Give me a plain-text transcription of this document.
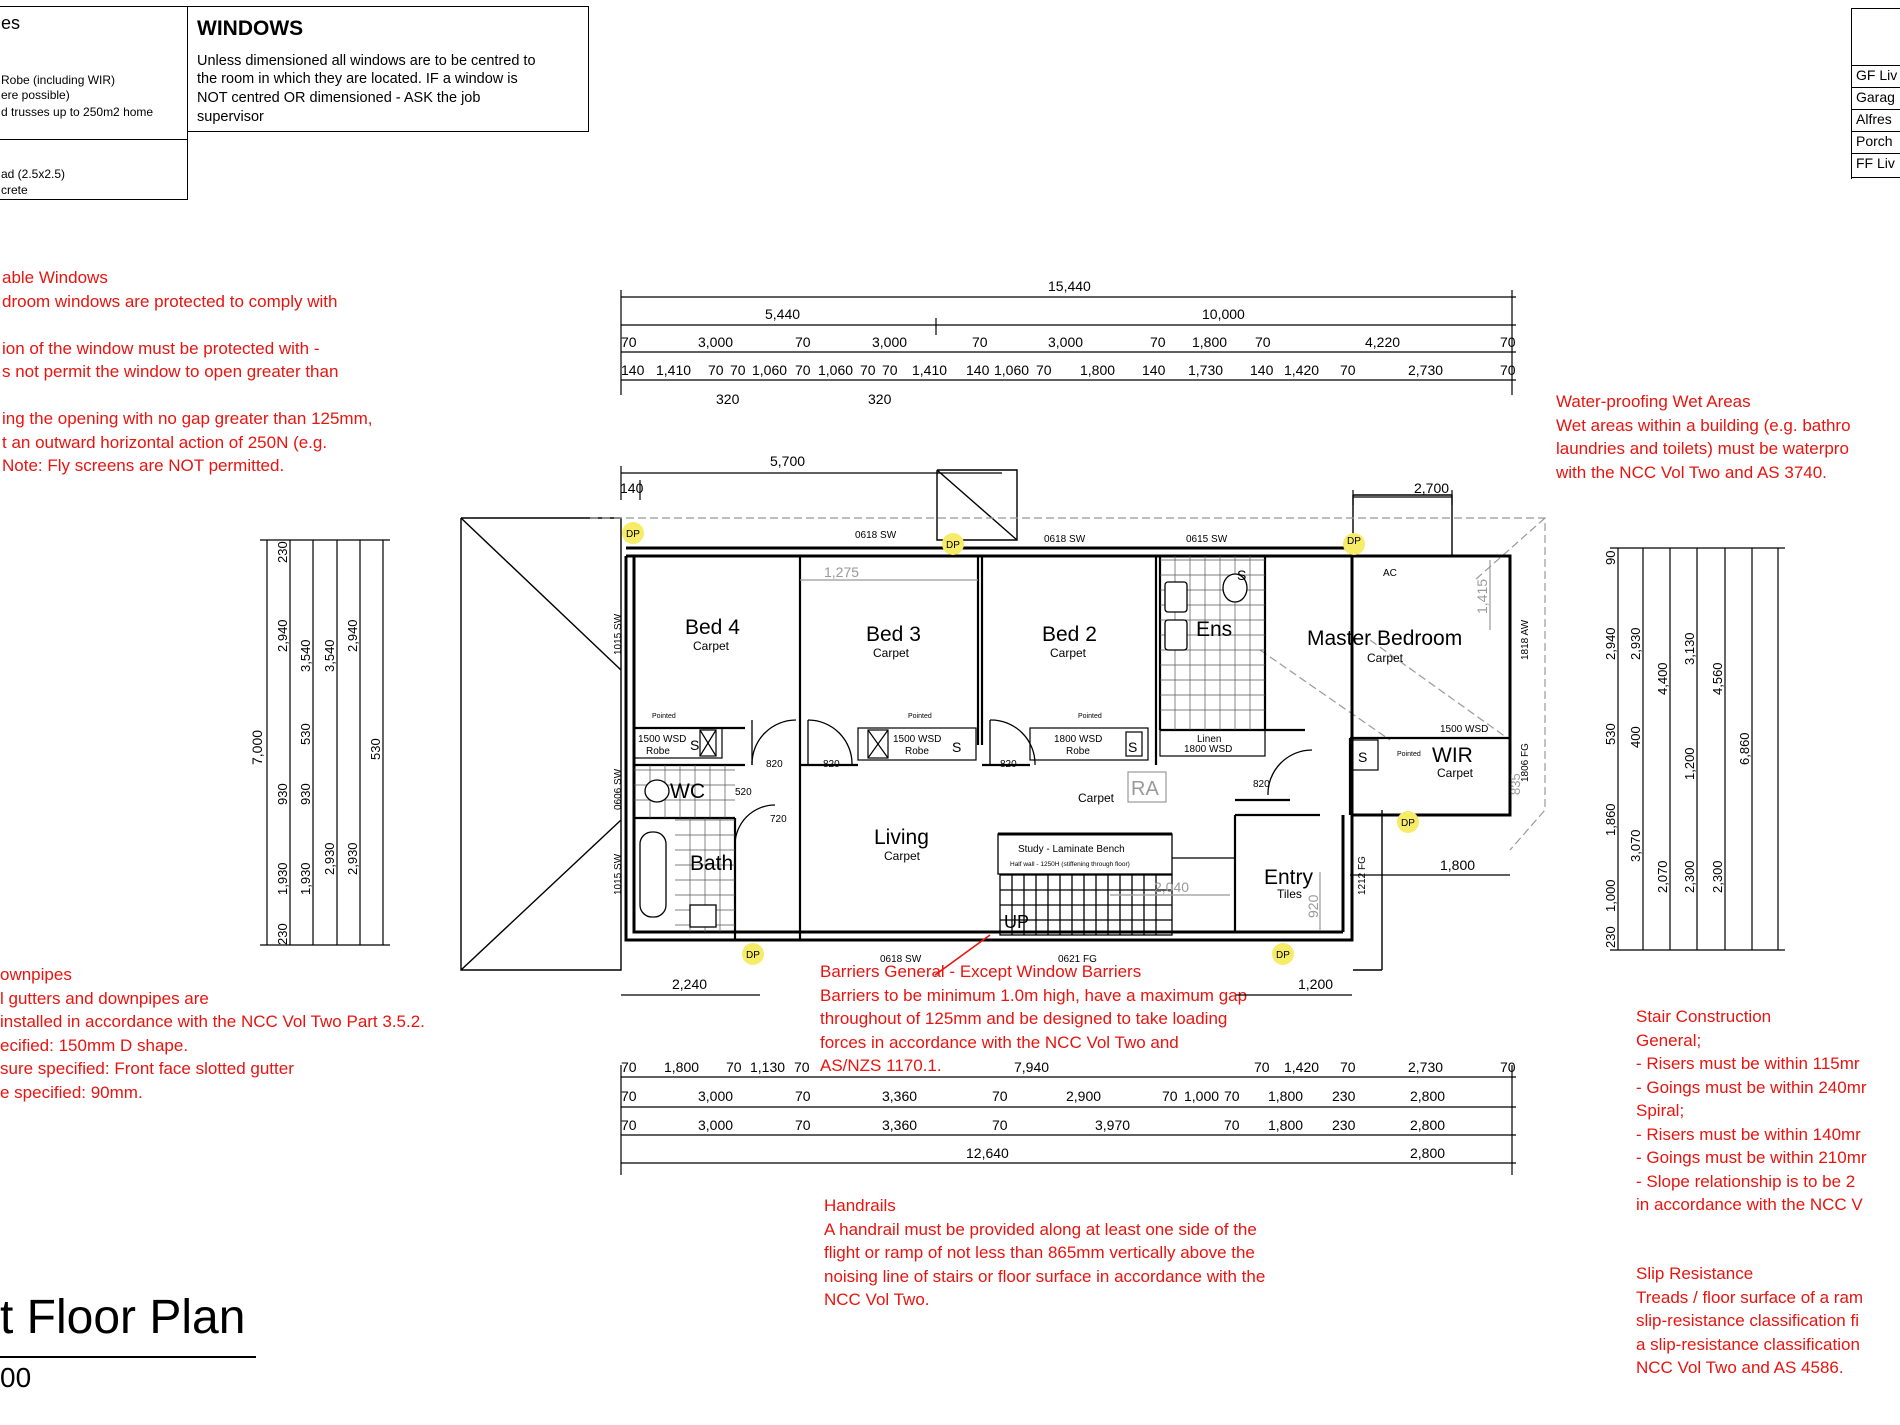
es
Robe (including WIR)
ere possible)
d trusses up to 250m2 home
ad (2.5x2.5)
crete
WINDOWS
Unless dimensioned all windows are to be centred to
the room in which they are located. IF a window is
NOT centred OR dimensioned - ASK the job
supervisor
GF Liv
Garag
Alfres
Porch
FF Liv
able Windows
droom windows are protected to comply with

ion of the window must be protected with -
s not permit the window to open greater than

ing the opening with no gap greater than 125mm,
t an outward horizontal action of 250N (e.g.
Note: Fly screens are NOT permitted.
Water-proofing Wet Areas
Wet areas within a building (e.g. bathro
laundries and toilets) must be waterpro
with the NCC Vol Two and AS 3740.
ownpipes
l gutters and downpipes are
installed in accordance with the NCC Vol Two Part 3.5.2.
ecified: 150mm D shape.
sure specified: Front face slotted gutter
e specified: 90mm.
Barriers General - Except Window Barriers
Barriers to be minimum 1.0m high, have a maximum gap
throughout of 125mm and be designed to take loading
forces in accordance with the NCC Vol Two and
AS/NZS 1170.1.
Stair Construction
General;
- Risers must be within 115mr
- Goings must be within 240mr
Spiral;
- Risers must be within 140mr
- Goings must be within 210mr
- Slope relationship is to be 2
in accordance with the NCC V
Handrails
A handrail must be provided along at least one side of the
flight or ramp of not less than 865mm vertically above the
noising line of stairs or floor surface in accordance with the
NCC Vol Two.
Slip Resistance
Treads / floor surface of a ram
slip-resistance classification fi
a slip-resistance classification
NCC Vol Two and AS 4586.
t Floor Plan
00
DP
DP	DP
DP
DP	DP
Bed 4
Carpet	Bed 3
Carpet
Bed 2
Carpet
Ens	Master Bedroom
Carpet
WIR
Carpet
Living
Carpet
Bath
WC
Entry
Tiles
Carpet
Study - Laminate Bench
Half wall - 1250H (stiffening through floor)
RA
UP
0618 SW	0618 SW	0615 SW
AC
0618 SW	0621 FG
1015 SW
0606 SW
1015 SW
1818 AW
1806 FG
1212 FG
1500 WSD
Robe
1500 WSD
Robe
1800 WSD
Robe
Linen
1800 WSD
1500 WSD
Pointed	Pointed	Pointed
Pointed
S	S	S
S
S
820	820	820
820
520
720
835
1,275
1,415
2,040
920
15,440
5,440	10,000
70	3,000	70	3,000	70	3,000	70 1,800 70	4,220	70
140 1,410 70 70 1,060 70 1,060 70 70 1,410 140 1,060 70 1,800 140 1,730 140 1,420 70	2,730	70
320	320
5,700
140	2,700
2,240	1,200
1,800
70 1,800 70 1,130 70	7,940	70 1,420 70	2,730	70
70	3,000	70	3,360	70	2,900	70 1,000 70 1,800 230	2,800
70	3,000	70	3,360	70	3,970	70 1,800 230	2,800
12,640	2,800
7,000
2,940
930
1,930
230
230
3,540
530
930
1,930
3,540
2,930
2,940
2,930
530
2,940
530
1,860
1,000
90
230
2,930
400
3,070
4,400
2,070
3,130
1,200
2,300
4,560
2,300
6,860
